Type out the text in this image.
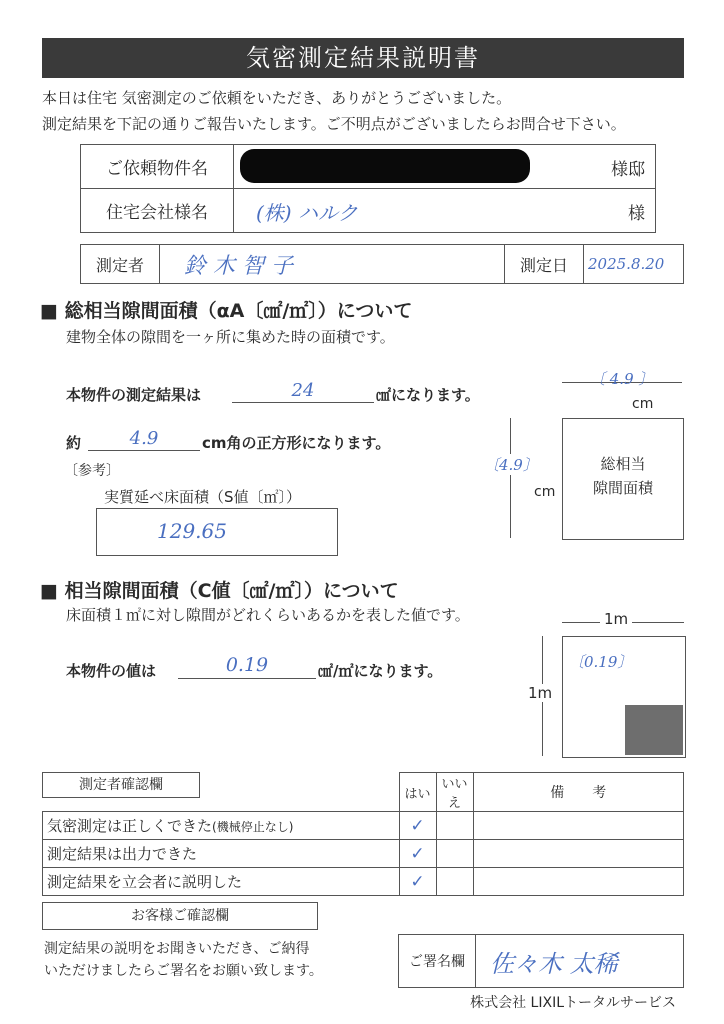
気密測定結果説明書
本日は住宅 気密測定のご依頼をいただき、ありがとうございました。
測定結果を下記の通りご報告いたします。ご不明点がございましたらお問合せ下さい。
ご依頼物件名	様邸

住宅会社様名	(株) ハルク 様
測定者	鈴 木 智 子	測定日	2025.8.20
■ 総相当隙間面積（αA〔㎠/㎡〕）について
建物全体の隙間を一ヶ所に集めた時の面積です。
本物件の測定結果は	24	㎠になります。
約	4.9	cm角の正方形になります。
〔参考〕
実質延べ床面積（S値〔㎡〕）
129.65
〔 4.9 〕
cm
〔4.9〕
cm
総相当
隙間面積
■ 相当隙間面積（C値〔㎠/㎡〕）について
床面積１㎡に対し隙間がどれくらいあるかを表した値です。
本物件の値は	0.19	㎠/㎡になります。
1m
1m
〔0.19〕
測定者確認欄
	はい	いいえ	備　　考
気密測定は正しくできた(機械停止なし)	✓		
測定結果は出力できた	✓		
測定結果を立会者に説明した	✓		
お客様ご確認欄
測定結果の説明をお聞きいただき、ご納得
いただけましたらご署名をお願い致します。
ご署名欄	佐々木 太稀
株式会社 LIXILトータルサービス
